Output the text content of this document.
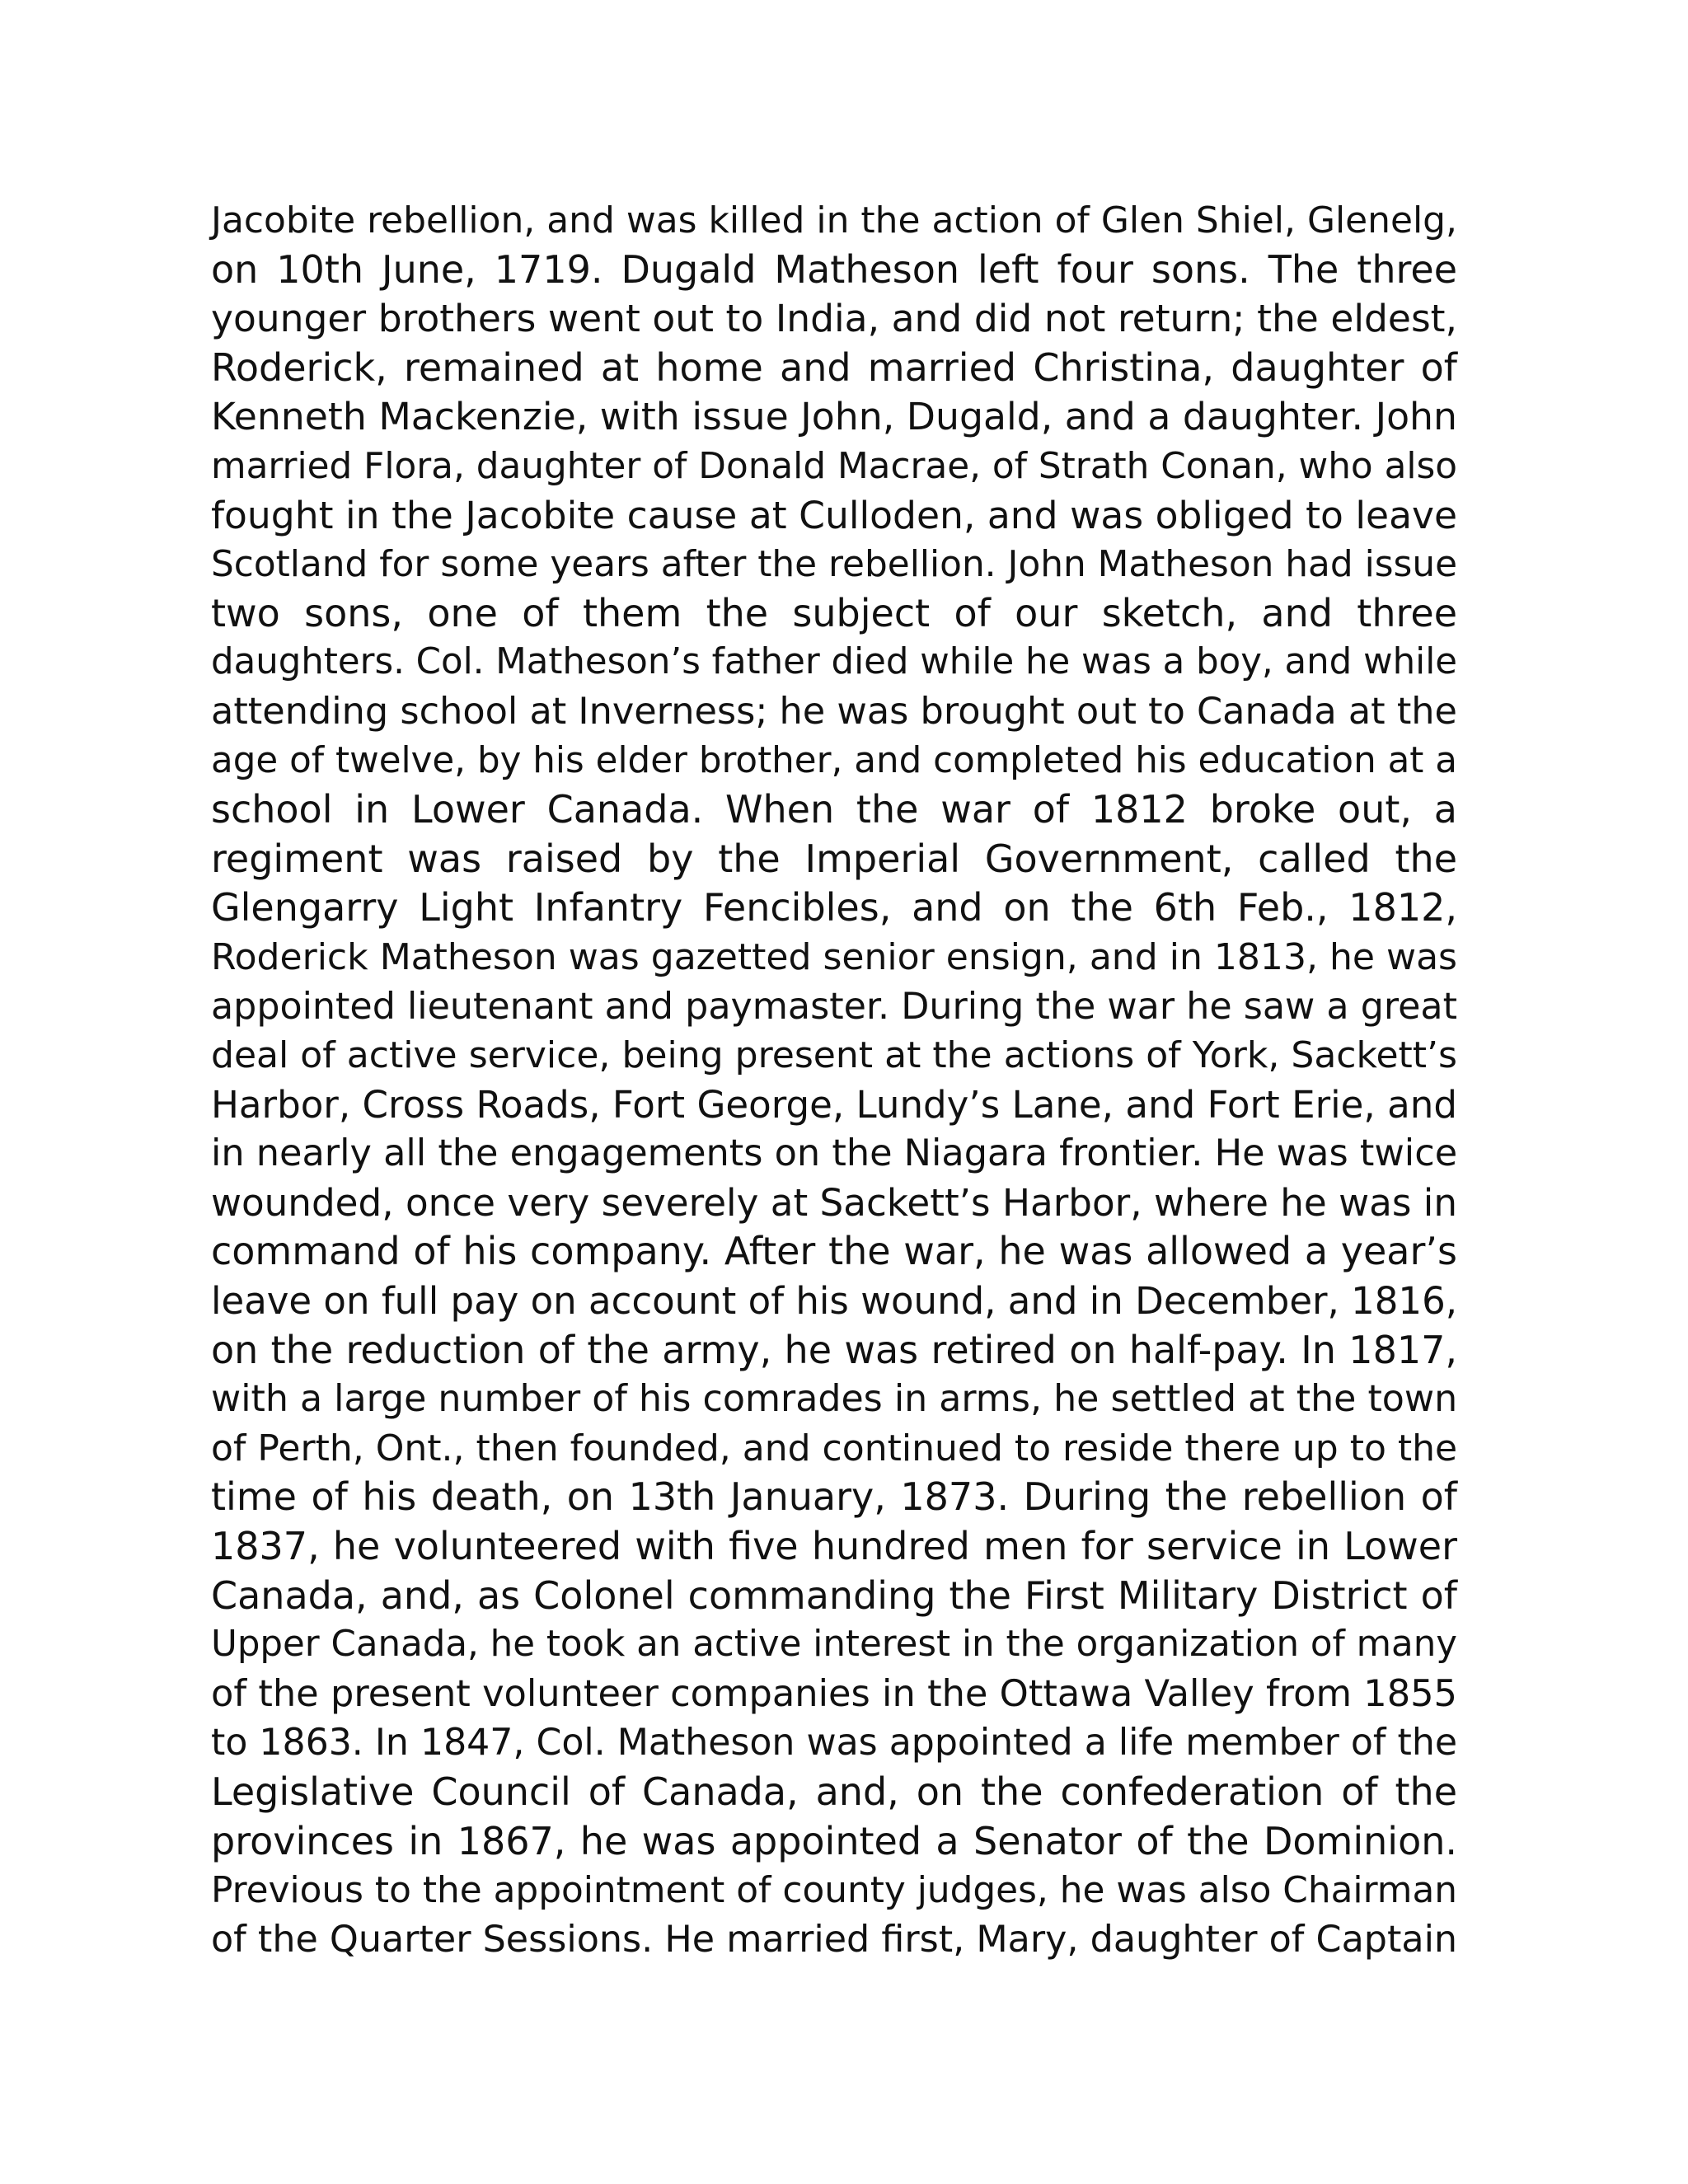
Jacobite rebellion, and was killed in the action of Glen Shiel, Glenelg,
on 10th June, 1719. Dugald Matheson left four sons. The three
younger brothers went out to India, and did not return; the eldest,
Roderick, remained at home and married Christina, daughter of
Kenneth Mackenzie, with issue John, Dugald, and a daughter. John
married Flora, daughter of Donald Macrae, of Strath Conan, who also
fought in the Jacobite cause at Culloden, and was obliged to leave
Scotland for some years after the rebellion. John Matheson had issue
two sons, one of them the subject of our sketch, and three
daughters. Col. Matheson’s father died while he was a boy, and while
attending school at Inverness; he was brought out to Canada at the
age of twelve, by his elder brother, and completed his education at a
school in Lower Canada. When the war of 1812 broke out, a
regiment was raised by the Imperial Government, called the
Glengarry Light Infantry Fencibles, and on the 6th Feb., 1812,
Roderick Matheson was gazetted senior ensign, and in 1813, he was
appointed lieutenant and paymaster. During the war he saw a great
deal of active service, being present at the actions of York, Sackett’s
Harbor, Cross Roads, Fort George, Lundy’s Lane, and Fort Erie, and
in nearly all the engagements on the Niagara frontier. He was twice
wounded, once very severely at Sackett’s Harbor, where he was in
command of his company. After the war, he was allowed a year’s
leave on full pay on account of his wound, and in December, 1816,
on the reduction of the army, he was retired on half-pay. In 1817,
with a large number of his comrades in arms, he settled at the town
of Perth, Ont., then founded, and continued to reside there up to the
time of his death, on 13th January, 1873. During the rebellion of
1837, he volunteered with five hundred men for service in Lower
Canada, and, as Colonel commanding the First Military District of
Upper Canada, he took an active interest in the organization of many
of the present volunteer companies in the Ottawa Valley from 1855
to 1863. In 1847, Col. Matheson was appointed a life member of the
Legislative Council of Canada, and, on the confederation of the
provinces in 1867, he was appointed a Senator of the Dominion.
Previous to the appointment of county judges, he was also Chairman
of the Quarter Sessions. He married first, Mary, daughter of Captain
